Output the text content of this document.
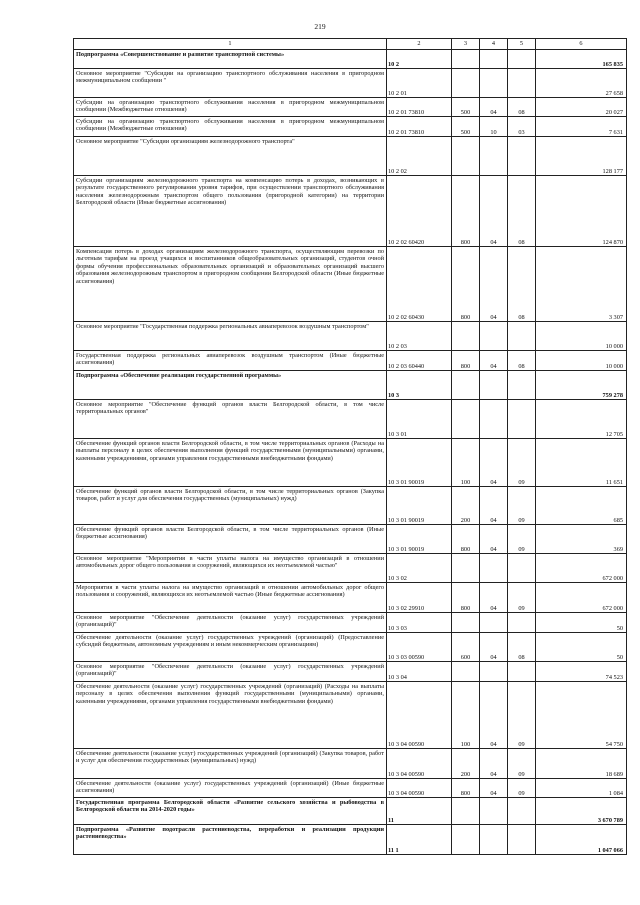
219
1	2	3	4	5	6
Подпрограмма «Совершенствование и развитие транспортной системы»	10 2				165 835
Основное мероприятие "Субсидии на организацию транспортного обслуживания населения в пригородном межмуниципальном сообщении "	10 2 01				27 658
Субсидии на организацию транспортного обслуживания населения в пригородном межмуниципальном сообщении (Межбюджетные отношения)	10 2 01 73810	500	04	08	20 027
Субсидии на организацию транспортного обслуживания населения в пригородном межмуниципальном сообщении (Межбюджетные отношения)	10 2 01 73810	500	10	03	7 631
Основное мероприятие "Субсидии организациям железнодорожного транспорта"	10 2 02				128 177
Субсидии организациям железнодорожного транспорта на компенсацию потерь в доходах, возникающих в результате государственного регулирования уровня тарифов, при осуществлении транспортного обслуживания населения железнодорожным транспортом общего пользования (пригородной категории) на территории Белгородской области (Иные бюджетные ассигнования)	10 2 02 60420	800	04	08	124 870
Компенсация потерь в доходах организациям железнодорожного транспорта, осуществляющим перевозки по льготным тарифам на проезд учащихся и воспитанников общеобразовательных организаций, студентов очной формы обучения профессиональных образовательных организаций и образовательных организаций высшего образования железнодорожным транспортом в пригородном сообщении Белгородской области (Иные бюджетные ассигнования)	10 2 02 60430	800	04	08	3 307
Основное мероприятие "Государственная поддержка региональных авиаперевозок воздушным транспортом"	10 2 03				10 000
Государственная поддержка региональных авиаперевозок воздушным транспортом (Иные бюджетные ассигнования)	10 2 03 60440	800	04	08	10 000
Подпрограмма «Обеспечение реализации государственной программы»	10 3				759 278
Основное мероприятие "Обеспечение функций органов власти Белгородской области, в том числе территориальных органов"	10 3 01				12 705
Обеспечение функций органов власти Белгородской области, в том числе территориальных органов (Расходы на выплаты персоналу в целях обеспечения выполнения функций государственными (муниципальными) органами, казенными учреждениями, органами управления государственными внебюджетными фондами)	10 3 01 90019	100	04	09	11 651
Обеспечение функций органов власти Белгородской области, в том числе территориальных органов (Закупка товаров, работ и услуг для обеспечения государственных (муниципальных) нужд)	10 3 01 90019	200	04	09	685
Обеспечение функций органов власти Белгородской области, в том числе территориальных органов (Иные бюджетные ассигнования)	10 3 01 90019	800	04	09	369
Основное мероприятие "Мероприятия в части уплаты налога на имущество организаций в отношении автомобильных дорог общего пользования и сооружений, являющихся их неотъемлемой частью"	10 3 02				672 000
Мероприятия в части уплаты налога на имущество организаций в отношении автомобильных дорог общего пользования и сооружений, являющихся их неотъемлемой частью (Иные бюджетные ассигнования)	10 3 02 29910	800	04	09	672 000
Основное мероприятие "Обеспечение деятельности (оказание услуг) государственных учреждений (организаций)"	10 3 03				50
Обеспечение деятельности (оказание услуг) государственных учреждений (организаций) (Предоставление субсидий бюджетным, автономным учреждениям и иным некоммерческим организациям)	10 3 03 00590	600	04	08	50
Основное мероприятие "Обеспечение деятельности (оказание услуг) государственных учреждений (организаций)"	10 3 04				74 523
Обеспечение деятельности (оказание услуг) государственных учреждений (организаций) (Расходы на выплаты персоналу в целях обеспечения выполнения функций государственными (муниципальными) органами, казенными учреждениями, органами управления государственными внебюджетными фондами)	10 3 04 00590	100	04	09	54 750
Обеспечение деятельности (оказание услуг) государственных учреждений (организаций) (Закупка товаров, работ и услуг для обеспечения государственных (муниципальных) нужд)	10 3 04 00590	200	04	09	18 689
Обеспечение деятельности (оказание услуг) государственных учреждений (организаций) (Иные бюджетные ассигнования)	10 3 04 00590	800	04	09	1 084
Государственная программа Белгородской области «Развитие сельского хозяйства и рыбоводства в Белгородской области на 2014-2020 годы»	11				3 670 789
Подпрограмма «Развитие подотрасли растениеводства, переработки и реализации продукции растениеводства»	11 1				1 047 066
